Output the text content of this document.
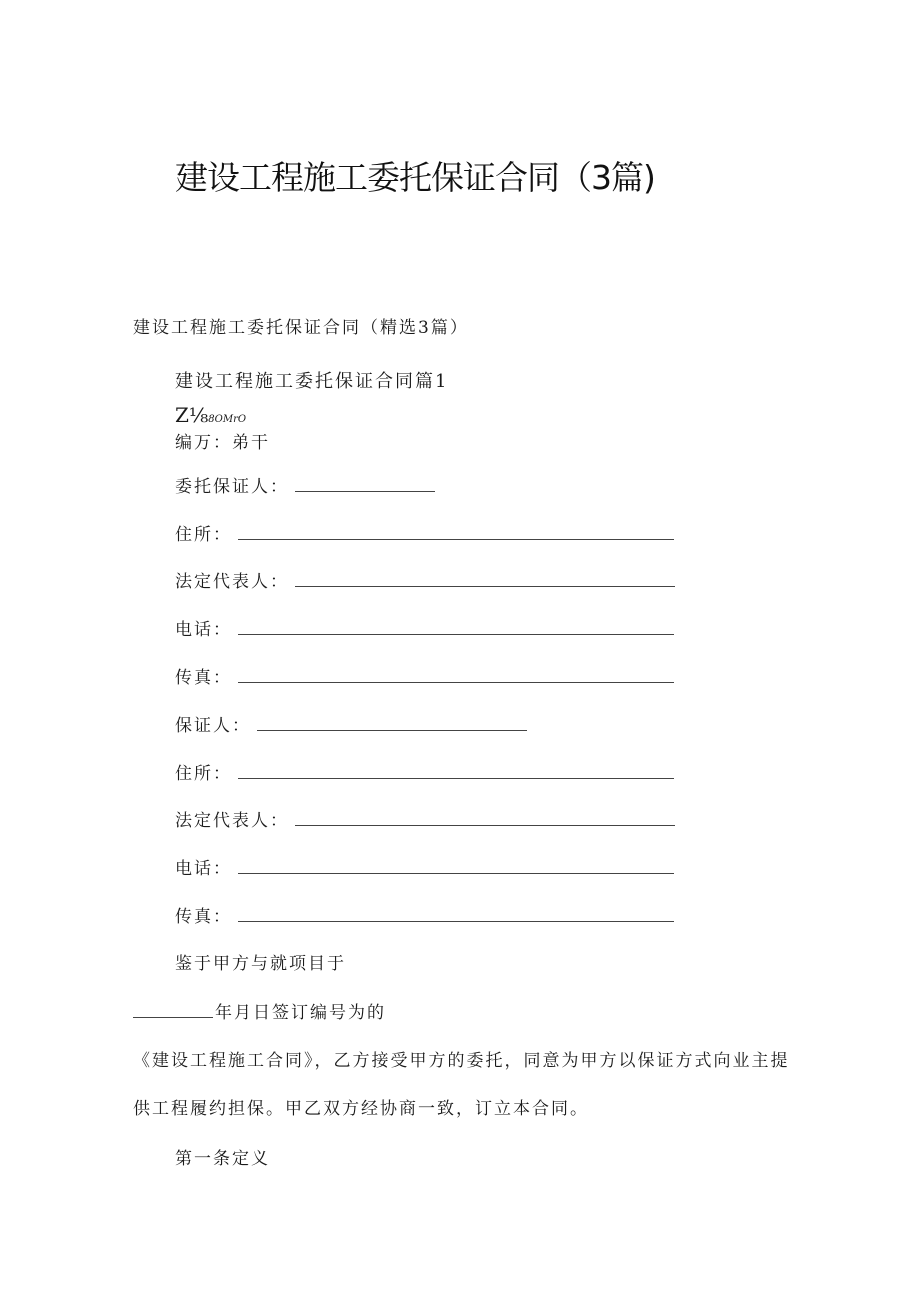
建设工程施工委托保证合同（3篇)
建设工程施工委托保证合同（精选3篇）
建设工程施工委托保证合同篇1
Z⅛8OMrO
编万：弟干
委托保证人：
住所：
法定代表人：
电话：
传真：
保证人：
住所：
法定代表人：
电话：
传真：
鉴于甲方与就项目于
年月日签订编号为的
《建设工程施工合同》，乙方接受甲方的委托，同意为甲方以保证方式向业主提
供工程履约担保。甲乙双方经协商一致，订立本合同。
第一条定义
